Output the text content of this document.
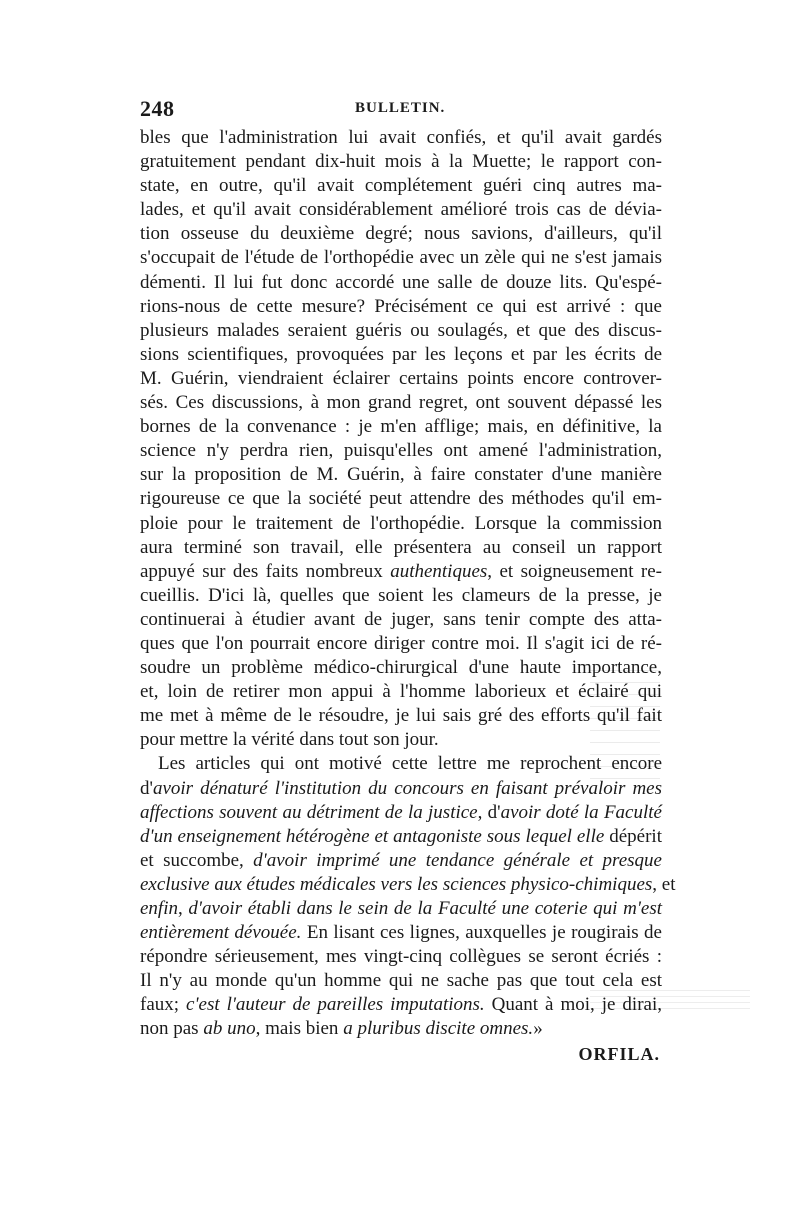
248	BULLETIN.
bles que l'administration lui avait confiés, et qu'il avait gardés
gratuitement pendant dix-huit mois à la Muette; le rapport con-
state, en outre, qu'il avait complétement guéri cinq autres ma-
lades, et qu'il avait considérablement amélioré trois cas de dévia-
tion osseuse du deuxième degré; nous savions, d'ailleurs, qu'il
s'occupait de l'étude de l'orthopédie avec un zèle qui ne s'est jamais
démenti. Il lui fut donc accordé une salle de douze lits. Qu'espé-
rions-nous de cette mesure? Précisément ce qui est arrivé : que
plusieurs malades seraient guéris ou soulagés, et que des discus-
sions scientifiques, provoquées par les leçons et par les écrits de
M. Guérin, viendraient éclairer certains points encore controver-
sés. Ces discussions, à mon grand regret, ont souvent dépassé les
bornes de la convenance : je m'en afflige; mais, en définitive, la
science n'y perdra rien, puisqu'elles ont amené l'administration,
sur la proposition de M. Guérin, à faire constater d'une manière
rigoureuse ce que la société peut attendre des méthodes qu'il em-
ploie pour le traitement de l'orthopédie. Lorsque la commission
aura terminé son travail, elle présentera au conseil un rapport
appuyé sur des faits nombreux authentiques, et soigneusement re-
cueillis. D'ici là, quelles que soient les clameurs de la presse, je
continuerai à étudier avant de juger, sans tenir compte des atta-
ques que l'on pourrait encore diriger contre moi. Il s'agit ici de ré-
soudre un problème médico-chirurgical d'une haute importance,
et, loin de retirer mon appui à l'homme laborieux et éclairé qui
me met à même de le résoudre, je lui sais gré des efforts qu'il fait
pour mettre la vérité dans tout son jour.
Les articles qui ont motivé cette lettre me reprochent encore
d'avoir dénaturé l'institution du concours en faisant prévaloir mes
affections souvent au détriment de la justice, d'avoir doté la Faculté
d'un enseignement hétérogène et antagoniste sous lequel elle dépérit
et succombe, d'avoir imprimé une tendance générale et presque
exclusive aux études médicales vers les sciences physico-chimiques, et
enfin, d'avoir établi dans le sein de la Faculté une coterie qui m'est
entièrement dévouée. En lisant ces lignes, auxquelles je rougirais de
répondre sérieusement, mes vingt-cinq collègues se seront écriés :
Il n'y au monde qu'un homme qui ne sache pas que tout cela est
faux; c'est l'auteur de pareilles imputations. Quant à moi, je dirai,
non pas ab uno, mais bien a pluribus discite omnes.»
ORFILA.
